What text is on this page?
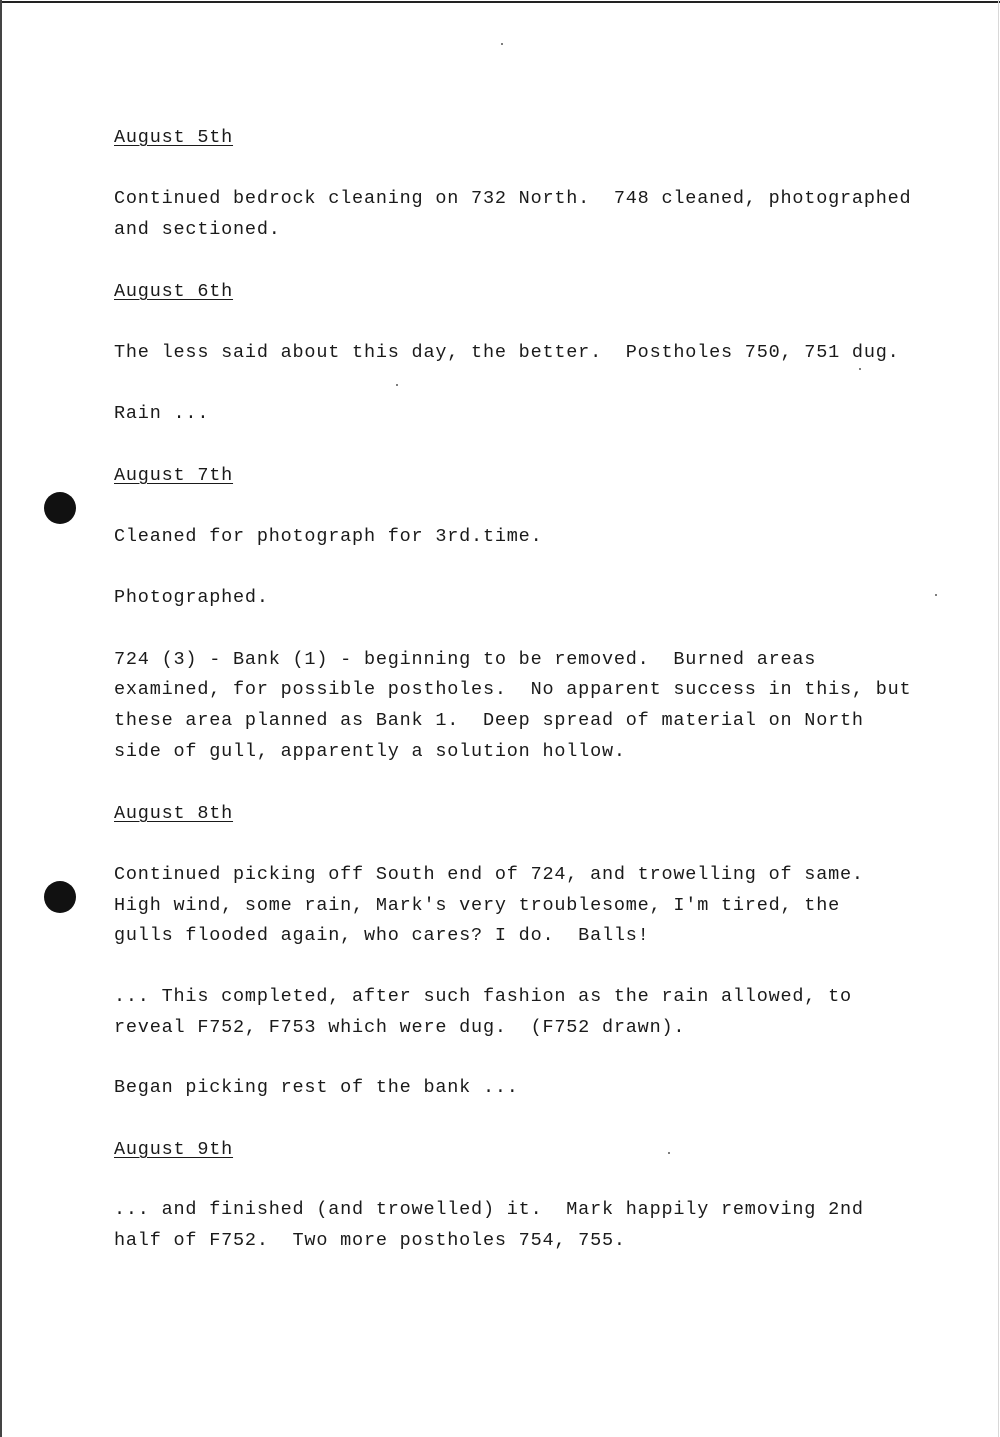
August 5th
Continued bedrock cleaning on 732 North.  748 cleaned, photographed
and sectioned.
August 6th
The less said about this day, the better.  Postholes 750, 751 dug.
Rain ...
August 7th
Cleaned for photograph for 3rd.time.
Photographed.
724 (3) - Bank (1) - beginning to be removed.  Burned areas
examined, for possible postholes.  No apparent success in this, but
these area planned as Bank 1.  Deep spread of material on North
side of gull, apparently a solution hollow.
August 8th
Continued picking off South end of 724, and trowelling of same.
High wind, some rain, Mark's very troublesome, I'm tired, the
gulls flooded again, who cares? I do.  Balls!
... This completed, after such fashion as the rain allowed, to
reveal F752, F753 which were dug.  (F752 drawn).
Began picking rest of the bank ...
August 9th
... and finished (and trowelled) it.  Mark happily removing 2nd
half of F752.  Two more postholes 754, 755.
